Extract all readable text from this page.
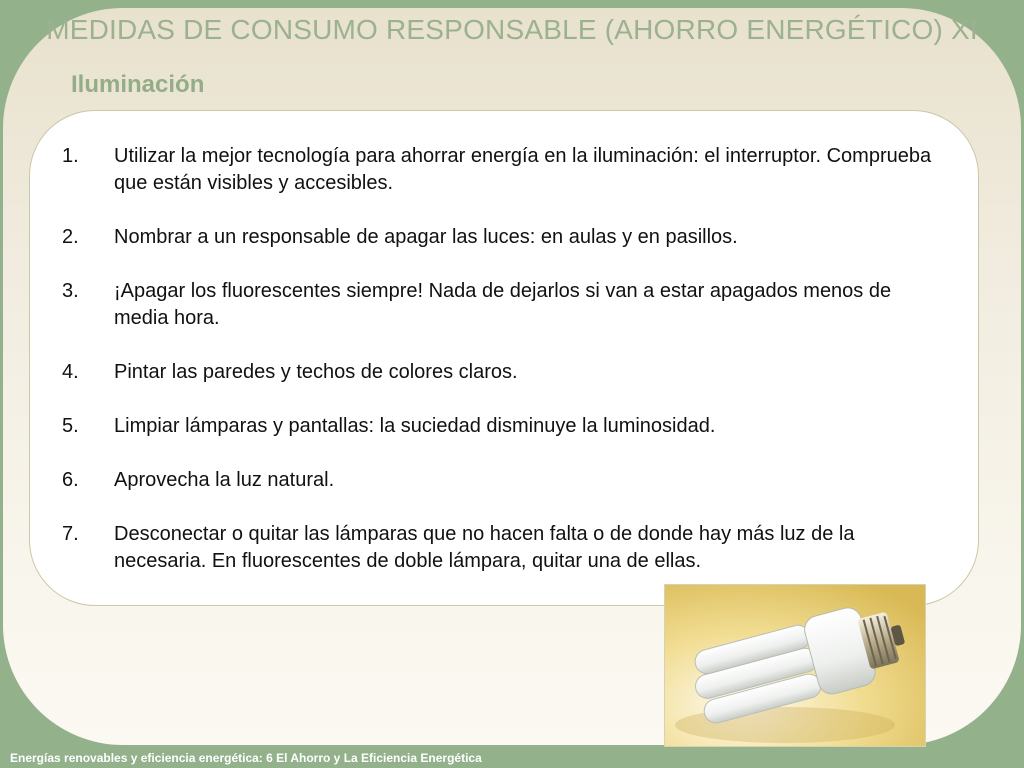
MEDIDAS DE CONSUMO RESPONSABLE (AHORRO ENERGÉTICO) XI
Iluminación
1.	Utilizar la mejor tecnología para ahorrar energía en la iluminación: el interruptor. Comprueba que están visibles y accesibles.
2.	Nombrar a un responsable de apagar las luces: en aulas y en pasillos.
3.	¡Apagar los fluorescentes siempre! Nada de dejarlos si van a estar apagados menos de media hora.
4.	Pintar las paredes y techos de colores claros.
5.	Limpiar lámparas y pantallas: la suciedad disminuye la luminosidad.
6.	Aprovecha la luz natural.
7.	Desconectar o quitar las lámparas que no hacen falta o de donde hay más luz de la necesaria. En fluorescentes de doble lámpara, quitar una de ellas.
Energías renovables y eficiencia energética: 6 El Ahorro y La Eficiencia Energética
